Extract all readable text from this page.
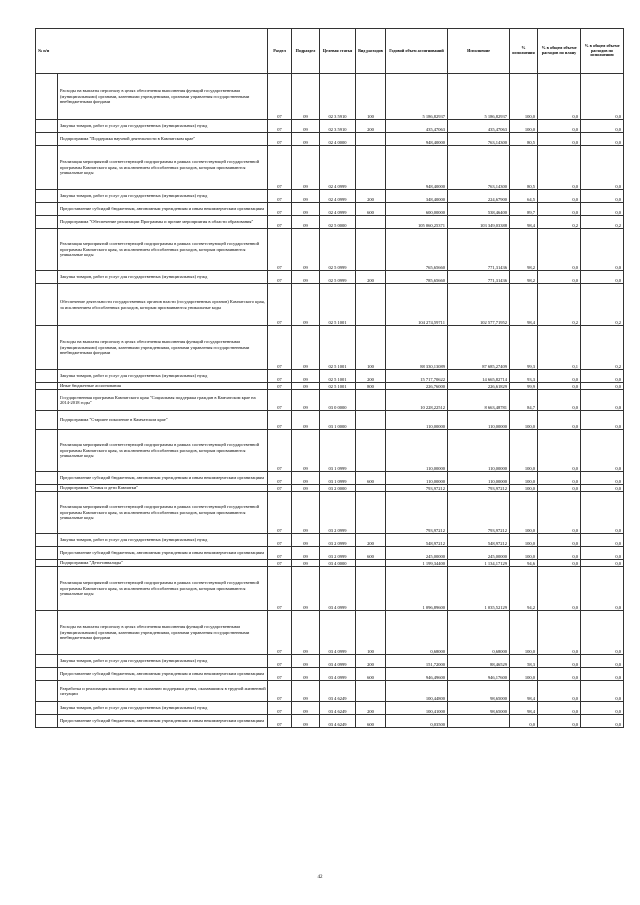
№ п/п		Раздел	Подраздел	Целевая статья	Вид расходов	Годовой объем ассигнований	Исполнение	% исполнения	% в общем объеме расходов по плану	% в общем объеме расходов по исполнению
	Расходы на выплаты персоналу в целях обеспечения выполнения функций государственными (муниципальными) органами, казенными учреждениями, органами управления государственными внебюджетными фондами	07	09	02 3 5910	100	5 186,82937	5 186,82937	100,0	0,0	0,0
	Закупка товаров, работ и услуг для государственных (муниципальных) нужд	07	09	02 3 5910	200	435,47063	435,47063	100,0	0,0	0,0
	Подпрограмма "Поддержка научной деятельности в Камчатском крае"	07	09	02 4 0000		948,40000	763,14300	80,5	0,0	0,0
	Реализация мероприятий соответствующей подпрограммы в рамках соответствующей государственной программы Камчатского края, за исключением обособленных расходов, которым присваиваются уникальные коды	07	09	02 4 0999		948,40000	763,14300	80,5	0,0	0,0
	Закупка товаров, работ и услуг для государственных (муниципальных) нужд	07	09	02 4 0999	200	348,40000	224,67900	64,5	0,0	0,0
	Предоставление субсидий бюджетным, автономным учреждениям и иным некоммерческим организациям	07	09	02 4 0999	600	600,00000	538,46400	89,7	0,0	0,0
	Подпрограмма "Обеспечение реализации Программы и прочие мероприятия в области образования"	07	09	02 5 0000		105 060,25371	103 349,03388	98,4	0,2	0,2
	Реализация мероприятий соответствующей подпрограммы в рамках соответствующей государственной программы Камчатского края, за исключением обособленных расходов, которым присваиваются уникальные коды	07	09	02 5 0999		765,65660	771,31436	98,2	0,0	0,0
	Закупка товаров, работ и услуг для государственных (муниципальных) нужд	07	09	02 5 0999	200	785,65660	771,31436	98,2	0,0	0,0
	Обеспечение деятельности государственных органов власти (государственных органов) Камчатского края, за исключением обособленных расходов, которым присваиваются уникальные коды	07	09	02 5 1001		104 274,59711	102 577,71952	98,4	0,2	0,2
	Расходы на выплаты персоналу в целях обеспечения выполнения функций государственными (муниципальными) органами, казенными учреждениями, органами управления государственными внебюджетными фондами	07	09	02 5 1001	100	88 330,13089	87 685,27409	99,3	0,1	0,2
	Закупка товаров, работ и услуг для государственных (муниципальных) нужд	07	09	02 5 1001	200	15 717,70622	14 665,82714	93,3	0,0	0,0
	Иные бюджетные ассигнования	07	09	02 5 1001	800	226,76000	226,61829	99,9	0,0	0,0
	Государственная программа Камчатского края "Социальная поддержка граждан в Камчатском крае на 2014-2018 годы"	07	09	03 0 0000		10 228,22512	8 663,48781	84,7	0,0	0,0
	Подпрограмма "Старшее поколение в Камчатском крае"	07	09	03 1 0000		110,00000	110,00000	100,0	0,0	0,0
	Реализация мероприятий соответствующей подпрограммы в рамках соответствующей государственной программы Камчатского края, за исключением обособленных расходов, которым присваиваются уникальные коды	07	09	03 1 0999		110,00000	110,00000	100,0	0,0	0,0
	Предоставление субсидий бюджетным, автономным учреждениям и иным некоммерческим организациям	07	09	03 1 0999	600	110,00000	110,00000	100,0	0,0	0,0
	Подпрограмма "Семья и дети Камчатки"	07	09	03 2 0000		793,97212	793,97212	100,0	0,0	0,0
	Реализация мероприятий соответствующей подпрограммы в рамках соответствующей государственной программы Камчатского края, за исключением обособленных расходов, которым присваиваются уникальные коды	07	09	03 2 0999		793,97212	793,97212	100,0	0,0	0,0
	Закупка товаров, работ и услуг для государственных (муниципальных) нужд	07	09	03 2 0999	200	548,97212	548,97212	100,0	0,0	0,0
	Предоставление субсидий бюджетным, автономным учреждениям и иным некоммерческим организациям	07	09	03 2 0999	600	245,00000	245,00000	100,0	0,0	0,0
	Подпрограмма "Дети-инвалиды"	07	09	03 4 0000		1 199,34400	1 134,17129	94,6	0,0	0,0
	Реализация мероприятий соответствующей подпрограммы в рамках соответствующей государственной программы Камчатского края, за исключением обособленных расходов, которым присваиваются уникальные коды	07	09	03 4 0999		1 096,89600	1 035,52129	94,2	0,0	0,0
	Расходы на выплаты персоналу в целях обеспечения выполнения функций государственными (муниципальными) органами, казенными учреждениями, органами управления государственными внебюджетными фондами	07	09	03 4 0999	100	0,68000	0,68000	100,0	0,0	0,0
	Закупка товаров, работ и услуг для государственных (муниципальных) нужд	07	09	03 4 0999	200	151,72000	88,46529	58,3	0,0	0,0
	Предоставление субсидий бюджетным, автономным учреждениям и иным некоммерческим организациям	07	09	03 4 0999	600	946,49600	946,17600	100,0	0,0	0,0
	Разработка и реализация комплекса мер по оказанию поддержки детям, оказавшимся в трудной жизненной ситуации	07	09	03 4 6249		100,44800	98,65000	98,4	0,0	0,0
	Закупка товаров, работ и услуг для государственных (муниципальных) нужд	07	09	03 4 6249	200	100,41000	98,65000	98,4	0,0	0,0
	Предоставление субсидий бюджетным, автономным учреждениям и иным некоммерческим организациям	07	09	03 4 6249	600	0,03500		0,0	0,0	0,0
42
